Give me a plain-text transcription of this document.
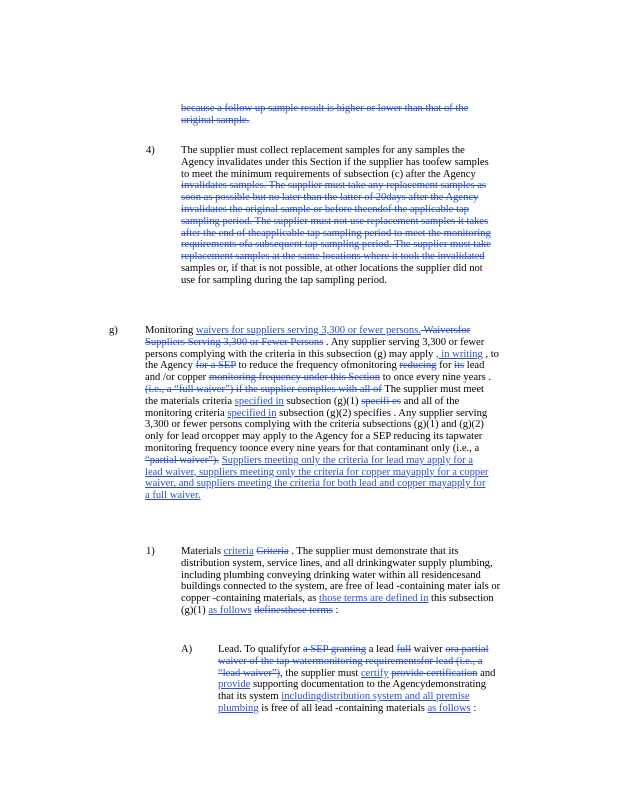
because a follow up sample result is higher or lower than that of the
original sample.
4) The supplier must collect replacement samples for any samples the
Agency invalidates under this Section if the supplier has toofew samples
to meet the minimum requirements of subsection (c) after the Agency
invalidates samples. The supplier must take any replacement samples as
soon as possible but no later than the latter of 20days after the Agency
invalidates the original sample or before theendof the applicable tap
sampling period. The supplier must not use replacement samples it takes
after the end of theapplicable tap sampling period to meet the monitoring
requirements ofa subsequent tap sampling period. The supplier must take
replacement samples at the same locations where it took the invalidated
samples or, if that is not possible, at other locations the supplier did not
use for sampling during the tap sampling period.
g)	Monitoring waivers for suppliers serving 3,300 or fewer persons. Waiversfor
Suppliers Serving 3,300 or Fewer Persons . Any supplier serving 3,300 or fewer
persons complying with the criteria in this subsection (g) may apply , in writing , to
the Agency for a SEP to reduce the frequency ofmonitoring reducing for its lead
and /or copper monitoring frequency under this Section to once every nine years .
(i.e., a “full waiver”) if the supplier complies with all of The supplier must meet
the materials criteria specified in subsection (g)(1) specifi es and all of the
monitoring criteria specified in subsection (g)(2) specifies . Any supplier serving
3,300 or fewer persons complying with the criteria subsections (g)(1) and (g)(2)
only for lead orcopper may apply to the Agency for a SEP reducing its tapwater
monitoring frequency toonce every nine years for that contaminant only (i.e., a
“partial waiver”). Suppliers meeting only the criteria for lead may apply for a
lead waiver, suppliers meeting only the criteria for copper mayapply for a copper
waiver, and suppliers meeting the criteria for both lead and copper mayapply for
a full waiver.
1) Materials criteria Criteria . The supplier must demonstrate that its
distribution system, service lines, and all drinkingwater supply plumbing,
including plumbing conveying drinking water within all residencesand
buildings connected to the system, are free of lead -containing mater ials or
copper -containing materials, as those terms are defined in this subsection
(g)(1) as follows definesthese terms :
A) Lead. To qualifyfor a SEP granting a lead full waiver ora partial
waiver of the tap watermonitoring requirementsfor lead (i.e., a
“lead waiver”), the supplier must certify provide certification and
provide supporting documentation to the Agencydemonstrating
that its system includingdistribution system and all premise
plumbing is free of all lead -containing materials as follows :
